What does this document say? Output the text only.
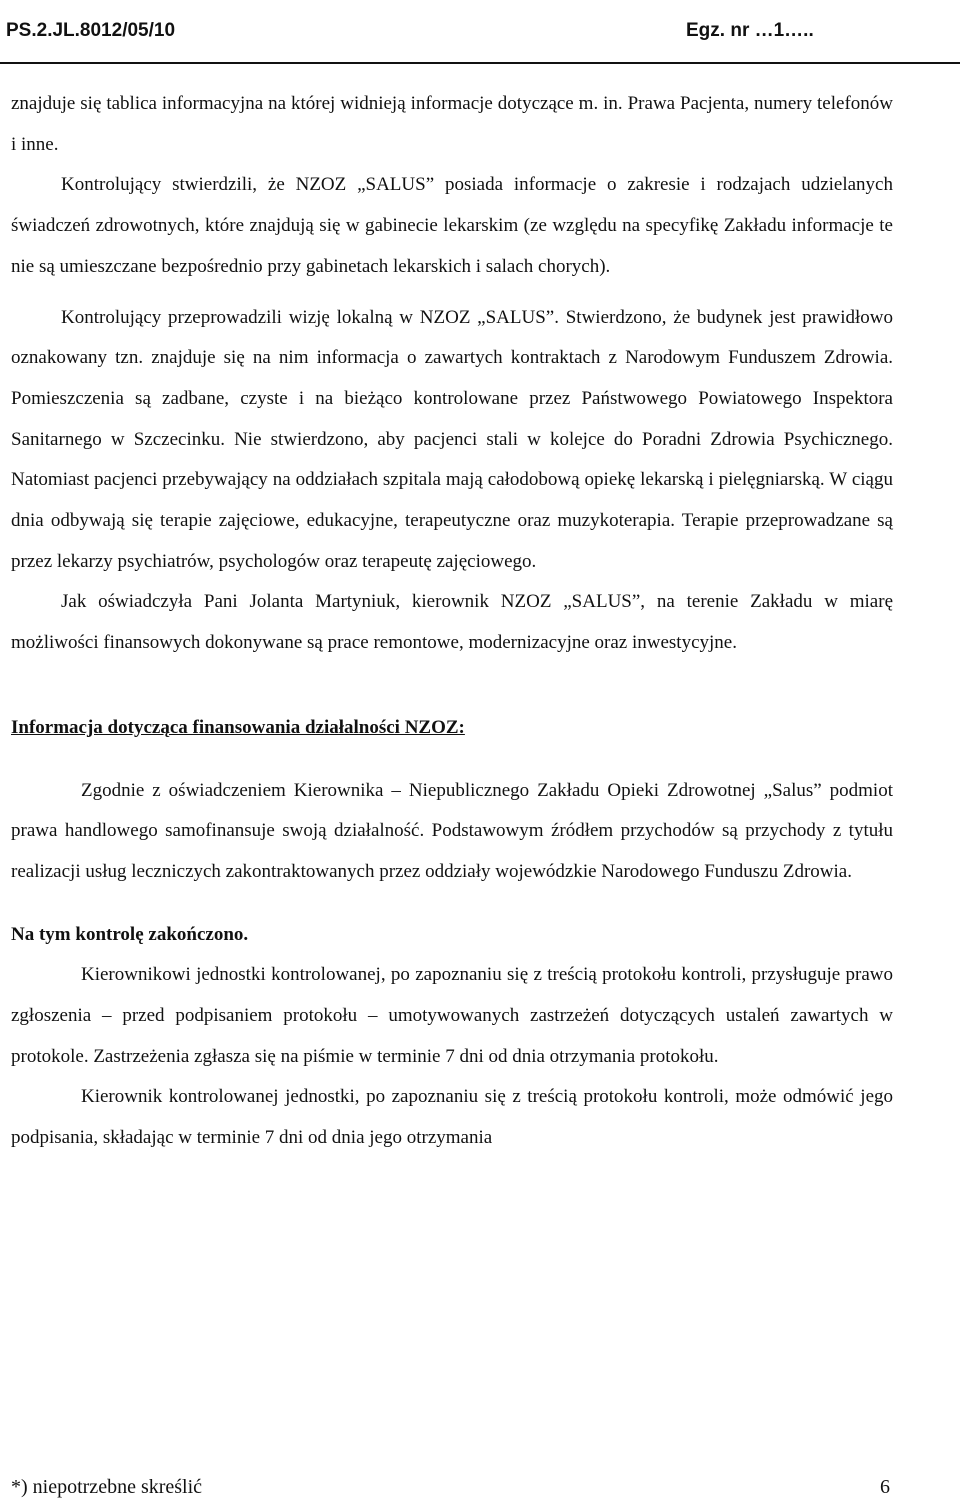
PS.2.JL.8012/05/10	Egz. nr …1…..

znajduje się tablica informacyjna na której widnieją informacje dotyczące m. in. Prawa Pacjenta, numery telefonów i inne.

Kontrolujący stwierdzili, że NZOZ „SALUS” posiada informacje o zakresie i rodzajach udzielanych świadczeń zdrowotnych, które znajdują się w gabinecie lekarskim (ze względu na specyfikę Zakładu informacje te nie są umieszczane bezpośrednio przy gabinetach lekarskich i salach chorych).

Kontrolujący przeprowadzili wizję lokalną w NZOZ „SALUS”. Stwierdzono, że budynek jest prawidłowo oznakowany tzn. znajduje się na nim informacja o zawartych kontraktach z Narodowym Funduszem Zdrowia. Pomieszczenia są zadbane, czyste i na bieżąco kontrolowane przez Państwowego Powiatowego Inspektora Sanitarnego w Szczecinku. Nie stwierdzono, aby pacjenci stali w kolejce do Poradni Zdrowia Psychicznego. Natomiast pacjenci przebywający na oddziałach szpitala mają całodobową opiekę lekarską i pielęgniarską. W ciągu dnia odbywają się terapie zajęciowe, edukacyjne, terapeutyczne oraz muzykoterapia. Terapie przeprowadzane są przez lekarzy psychiatrów, psychologów oraz terapeutę zajęciowego.

Jak oświadczyła Pani Jolanta Martyniuk, kierownik NZOZ „SALUS”, na terenie Zakładu w miarę możliwości finansowych dokonywane są prace remontowe, modernizacyjne oraz inwestycyjne.

Informacja dotycząca finansowania działalności NZOZ:

Zgodnie z oświadczeniem Kierownika – Niepublicznego Zakładu Opieki Zdrowotnej „Salus” podmiot prawa handlowego samofinansuje swoją działalność. Podstawowym źródłem przychodów są przychody z tytułu realizacji usług leczniczych zakontraktowanych przez oddziały wojewódzkie Narodowego Funduszu Zdrowia.

Na tym kontrolę zakończono.

Kierownikowi jednostki kontrolowanej, po zapoznaniu się z treścią protokołu kontroli, przysługuje prawo zgłoszenia – przed podpisaniem protokołu – umotywowanych zastrzeżeń dotyczących ustaleń zawartych w protokole. Zastrzeżenia zgłasza się na piśmie w terminie 7 dni od dnia otrzymania protokołu.

Kierownik kontrolowanej jednostki, po zapoznaniu się z treścią protokołu kontroli, może odmówić jego podpisania, składając w terminie 7 dni od dnia jego otrzymania

*) niepotrzebne skreślić	6
